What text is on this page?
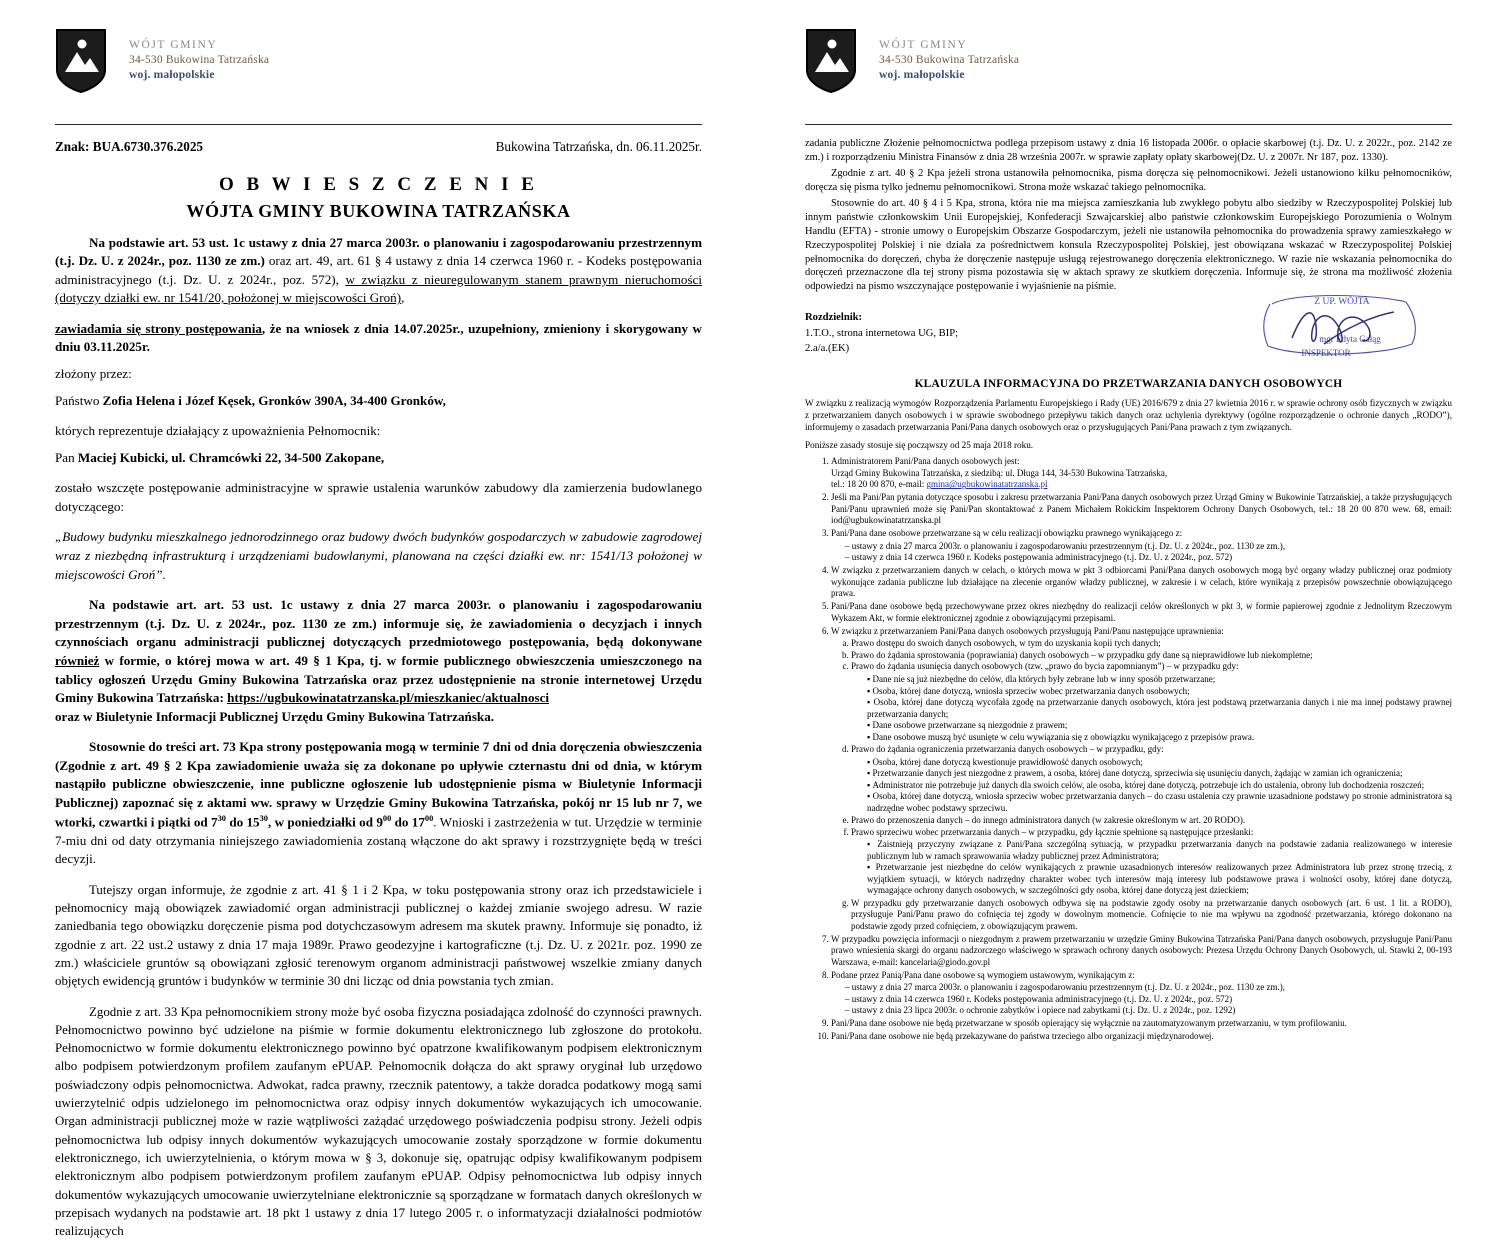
WÓJT GMINY
34-530 Bukowina Tatrzańska
woj. małopolskie
Znak: BUA.6730.376.2025	Bukowina Tatrzańska, dn. 06.11.2025r.
O B W I E S Z C Z E N I E
WÓJTA GMINY BUKOWINA TATRZAŃSKA

Na podstawie art. 53 ust. 1c ustawy z dnia 27 marca 2003r. o planowaniu i zagospodarowaniu przestrzennym (t.j. Dz. U. z 2024r., poz. 1130 ze zm.) oraz art. 49, art. 61 § 4 ustawy z dnia 14 czerwca 1960 r. - Kodeks postępowania administracyjnego (t.j. Dz. U. z 2024r., poz. 572), w związku z nieuregulowanym stanem prawnym nieruchomości (dotyczy działki ew. nr 1541/20, położonej w miejscowości Groń),

zawiadamia się strony postępowania, że na wniosek z dnia 14.07.2025r., uzupełniony, zmieniony i skorygowany w dniu 03.11.2025r.

złożony przez:

Państwo Zofia Helena i Józef Kęsek, Gronków 390A, 34-400 Gronków,

których reprezentuje działający z upoważnienia Pełnomocnik:

Pan Maciej Kubicki, ul. Chramcówki 22, 34-500 Zakopane,

zostało wszczęte postępowanie administracyjne w sprawie ustalenia warunków zabudowy dla zamierzenia budowlanego dotyczącego:

„Budowy budynku mieszkalnego jednorodzinnego oraz budowy dwóch budynków gospodarczych w zabudowie zagrodowej wraz z niezbędną infrastrukturą i urządzeniami budowlanymi, planowana na części działki ew. nr: 1541/13 położonej w miejscowości Groń”.

Na podstawie art. art. 53 ust. 1c ustawy z dnia 27 marca 2003r. o planowaniu i zagospodarowaniu przestrzennym (t.j. Dz. U. z 2024r., poz. 1130 ze zm.) informuje się, że zawiadomienia o decyzjach i innych czynnościach organu administracji publicznej dotyczących przedmiotowego postępowania, będą dokonywane również w formie, o której mowa w art. 49 § 1 Kpa, tj. w formie publicznego obwieszczenia umieszczonego na tablicy ogłoszeń Urzędu Gminy Bukowina Tatrzańska oraz przez udostępnienie na stronie internetowej Urzędu Gminy Bukowina Tatrzańska: https://ugbukowinatatrzanska.pl/mieszkaniec/aktualnosci

oraz w Biuletynie Informacji Publicznej Urzędu Gminy Bukowina Tatrzańska.

Stosownie do treści art. 73 Kpa strony postępowania mogą w terminie 7 dni od dnia doręczenia obwieszczenia (Zgodnie z art. 49 § 2 Kpa zawiadomienie uważa się za dokonane po upływie czternastu dni od dnia, w którym nastąpiło publiczne obwieszczenie, inne publiczne ogłoszenie lub udostępnienie pisma w Biuletynie Informacji Publicznej) zapoznać się z aktami ww. sprawy w Urzędzie Gminy Bukowina Tatrzańska, pokój nr 15 lub nr 7, we wtorki, czwartki i piątki od $7^{30}$ do $15^{30}$, w poniedziałki od $9^{00}$ do $17^{00}$. Wnioski i zastrzeżenia w tut. Urzędzie w terminie 7-miu dni od daty otrzymania niniejszego zawiadomienia zostaną włączone do akt sprawy i rozstrzygnięte będą w treści decyzji.

Tutejszy organ informuje, że zgodnie z art. 41 § 1 i 2 Kpa, w toku postępowania strony oraz ich przedstawiciele i pełnomocnicy mają obowiązek zawiadomić organ administracji publicznej o każdej zmianie swojego adresu. W razie zaniedbania tego obowiązku doręczenie pisma pod dotychczasowym adresem ma skutek prawny. Informuje się ponadto, iż zgodnie z art. 22 ust.2 ustawy z dnia 17 maja 1989r. Prawo geodezyjne i kartograficzne (t.j. Dz. U. z 2021r. poz. 1990 ze zm.) właściciele gruntów są obowiązani zgłosić terenowym organom administracji państwowej wszelkie zmiany danych objętych ewidencją gruntów i budynków w terminie 30 dni licząc od dnia powstania tych zmian.

Zgodnie z art. 33 Kpa pełnomocnikiem strony może być osoba fizyczna posiadająca zdolność do czynności prawnych. Pełnomocnictwo powinno być udzielone na piśmie w formie dokumentu elektronicznego lub zgłoszone do protokołu. Pełnomocnictwo w formie dokumentu elektronicznego powinno być opatrzone kwalifikowanym podpisem elektronicznym albo podpisem potwierdzonym profilem zaufanym ePUAP. Pełnomocnik dołącza do akt sprawy oryginał lub urzędowo poświadczony odpis pełnomocnictwa. Adwokat, radca prawny, rzecznik patentowy, a także doradca podatkowy mogą sami uwierzytelnić odpis udzielonego im pełnomocnictwa oraz odpisy innych dokumentów wykazujących ich umocowanie. Organ administracji publicznej może w razie wątpliwości zażądać urzędowego poświadczenia podpisu strony. Jeżeli odpis pełnomocnictwa lub odpisy innych dokumentów wykazujących umocowanie zostały sporządzone w formie dokumentu elektronicznego, ich uwierzytelnienia, o którym mowa w § 3, dokonuje się, opatrując odpisy kwalifikowanym podpisem elektronicznym albo podpisem potwierdzonym profilem zaufanym ePUAP. Odpisy pełnomocnictwa lub odpisy innych dokumentów wykazujących umocowanie uwierzytelniane elektronicznie są sporządzane w formatach danych określonych w przepisach wydanych na podstawie art. 18 pkt 1 ustawy z dnia 17 lutego 2005 r. o informatyzacji działalności podmiotów realizujących

WÓJT GMINY
34-530 Bukowina Tatrzańska
woj. małopolskie

zadania publiczne Złożenie pełnomocnictwa podlega przepisom ustawy z dnia 16 listopada 2006r. o opłacie skarbowej (t.j. Dz. U. z 2022r., poz. 2142 ze zm.) i rozporządzeniu Ministra Finansów z dnia 28 września 2007r. w sprawie zapłaty opłaty skarbowej(Dz. U. z 2007r. Nr 187, poz. 1330).

Zgodnie z art. 40 § 2 Kpa jeżeli strona ustanowiła pełnomocnika, pisma doręcza się pełnomocnikowi. Jeżeli ustanowiono kilku pełnomocników, doręcza się pisma tylko jednemu pełnomocnikowi. Strona może wskazać takiego pełnomocnika.

Stosownie do art. 40 § 4 i 5 Kpa, strona, która nie ma miejsca zamieszkania lub zwykłego pobytu albo siedziby w Rzeczypospolitej Polskiej lub innym państwie członkowskim Unii Europejskiej, Konfederacji Szwajcarskiej albo państwie członkowskim Europejskiego Porozumienia o Wolnym Handlu (EFTA) - stronie umowy o Europejskim Obszarze Gospodarczym, jeżeli nie ustanowiła pełnomocnika do prowadzenia sprawy zamieszkałego w Rzeczypospolitej Polskiej i nie działa za pośrednictwem konsula Rzeczypospolitej Polskiej, jest obowiązana wskazać w Rzeczypospolitej Polskiej pełnomocnika do doręczeń, chyba że doręczenie następuje usługą rejestrowanego doręczenia elektronicznego. W razie nie wskazania pełnomocnika do doręczeń przeznaczone dla tej strony pisma pozostawia się w aktach sprawy ze skutkiem doręczenia. Informuje się, że strona ma możliwość złożenia odpowiedzi na pismo wszczynające postępowanie i wyjaśnienie na piśmie.

Rozdzielnik:
1.T.O., strona internetowa UG, BIP;
2.a/a.(EK)
Z UP. WÓJTA
mgr Edyta Gałąg
INSPEKTOR
KLAUZULA INFORMACYJNA DO PRZETWARZANIA DANYCH OSOBOWYCH

W związku z realizacją wymogów Rozporządzenia Parlamentu Europejskiego i Rady (UE) 2016/679 z dnia 27 kwietnia 2016 r. w sprawie ochrony osób fizycznych w związku z przetwarzaniem danych osobowych i w sprawie swobodnego przepływu takich danych oraz uchylenia dyrektywy (ogólne rozporządzenie o ochronie danych „RODO”), informujemy o zasadach przetwarzania Pani/Pana danych osobowych oraz o przysługujących Pani/Pana prawach z tym związanych.

Poniższe zasady stosuje się począwszy od 25 maja 2018 roku.

1. Administratorem Pani/Pana danych osobowych jest:
Urząd Gminy Bukowina Tatrzańska, z siedzibą: ul. Długa 144, 34-530 Bukowina Tatrzańska,
tel.: 18 20 00 870, e-mail: gmina@ugbukowinatatrzanska.pl
2. Jeśli ma Pani/Pan pytania dotyczące sposobu i zakresu przetwarzania Pani/Pana danych osobowych przez Urząd Gminy w Bukowinie Tatrzańskiej, a także przysługujących Pani/Panu uprawnień może się Pani/Pan skontaktować z Panem Michałem Rokickim Inspektorem Ochrony Danych Osobowych, tel.: 18 20 00 870 wew. 68, email: iod@ugbukowinatatrzanska.pl
3. Pani/Pana dane osobowe przetwarzane są w celu realizacji obowiązku prawnego wynikającego z:
– ustawy z dnia 27 marca 2003r. o planowaniu i zagospodarowaniu przestrzennym (t.j. Dz. U. z 2024r., poz. 1130 ze zm.),
– ustawy z dnia 14 czerwca 1960 r. Kodeks postępowania administracyjnego (t.j. Dz. U. z 2024r., poz. 572)
4. W związku z przetwarzaniem danych w celach, o których mowa w pkt 3 odbiorcami Pani/Pana danych osobowych mogą być organy władzy publicznej oraz podmioty wykonujące zadania publiczne lub działające na zlecenie organów władzy publicznej, w zakresie i w celach, które wynikają z przepisów powszechnie obowiązującego prawa.
5. Pani/Pana dane osobowe będą przechowywane przez okres niezbędny do realizacji celów określonych w pkt 3, w formie papierowej zgodnie z Jednolitym Rzeczowym Wykazem Akt, w formie elektronicznej zgodnie z obowiązującymi przepisami.
6. W związku z przetwarzaniem Pani/Pana danych osobowych przysługują Pani/Panu następujące uprawnienia:
a. Prawo dostępu do swoich danych osobowych, w tym do uzyskania kopii tych danych;
b. Prawo do żądania sprostowania (poprawiania) danych osobowych – w przypadku gdy dane są nieprawidłowe lub niekompletne;
c. Prawo do żądania usunięcia danych osobowych (tzw. „prawo do bycia zapomnianym”) – w przypadku gdy:
▪ Dane nie są już niezbędne do celów, dla których były zebrane lub w inny sposób przetwarzane;
▪ Osoba, której dane dotyczą, wniosła sprzeciw wobec przetwarzania danych osobowych;
▪ Osoba, której dane dotyczą wycofała zgodę na przetwarzanie danych osobowych, która jest podstawą przetwarzania danych i nie ma innej podstawy prawnej przetwarzania danych;
▪ Dane osobowe przetwarzane są niezgodnie z prawem;
▪ Dane osobowe muszą być usunięte w celu wywiązania się z obowiązku wynikającego z przepisów prawa.
d. Prawo do żądania ograniczenia przetwarzania danych osobowych – w przypadku, gdy:
▪ Osoba, której dane dotyczą kwestionuje prawidłowość danych osobowych;
▪ Przetwarzanie danych jest niezgodne z prawem, a osoba, której dane dotyczą, sprzeciwia się usunięciu danych, żądając w zamian ich ograniczenia;
▪ Administrator nie potrzebuje już danych dla swoich celów, ale osoba, której dane dotyczą, potrzebuje ich do ustalenia, obrony lub dochodzenia roszczeń;
▪ Osoba, której dane dotyczą, wniosła sprzeciw wobec przetwarzania danych – do czasu ustalenia czy prawnie uzasadnione podstawy po stronie administratora są nadrzędne wobec podstawy sprzeciwu.
e. Prawo do przenoszenia danych – do innego administratora danych (w zakresie określonym w art. 20 RODO).
f. Prawo sprzeciwu wobec przetwarzania danych – w przypadku, gdy łącznie spełnione są następujące przesłanki:
▪ Zaistnieją przyczyny związane z Pani/Pana szczególną sytuacją, w przypadku przetwarzania danych na podstawie zadania realizowanego w interesie publicznym lub w ramach sprawowania władzy publicznej przez Administratora;
▪ Przetwarzanie jest niezbędne do celów wynikających z prawnie uzasadnionych interesów realizowanych przez Administratora lub przez stronę trzecią, z wyjątkiem sytuacji, w których nadrzędny charakter wobec tych interesów mają interesy lub podstawowe prawa i wolności osoby, której dane dotyczą, wymagające ochrony danych osobowych, w szczególności gdy osoba, której dane dotyczą jest dzieckiem;
g. W przypadku gdy przetwarzanie danych osobowych odbywa się na podstawie zgody osoby na przetwarzanie danych osobowych (art. 6 ust. 1 lit. a RODO), przysługuje Pani/Panu prawo do cofnięcia tej zgody w dowolnym momencie. Cofnięcie to nie ma wpływu na zgodność przetwarzania, którego dokonano na podstawie zgody przed cofnięciem, z obowiązującym prawem.
7. W przypadku powzięcia informacji o niezgodnym z prawem przetwarzaniu w urzędzie Gminy Bukowina Tatrzańska Pani/Pana danych osobowych, przysługuje Pani/Panu prawo wniesienia skargi do organu nadzorczego właściwego w sprawach ochrony danych osobowych: Prezesa Urzędu Ochrony Danych Osobowych, ul. Stawki 2, 00-193 Warszawa, e-mail: kancelaria@giodo.gov.pl
8. Podane przez Panią/Pana dane osobowe są wymogiem ustawowym, wynikającym z:
– ustawy z dnia 27 marca 2003r. o planowaniu i zagospodarowaniu przestrzennym (t.j. Dz. U. z 2024r., poz. 1130 ze zm.),
– ustawy z dnia 14 czerwca 1960 r. Kodeks postępowania administracyjnego (t.j. Dz. U. z 2024r., poz. 572)
– ustawy z dnia 23 lipca 2003r. o ochronie zabytków i opiece nad zabytkami (t.j. Dz. U. z 2024r., poz. 1292)
9. Pani/Pana dane osobowe nie będą przetwarzane w sposób opierający się wyłącznie na zautomatyzowanym przetwarzaniu, w tym profilowaniu.
10. Pani/Pana dane osobowe nie będą przekazywane do państwa trzeciego albo organizacji międzynarodowej.
